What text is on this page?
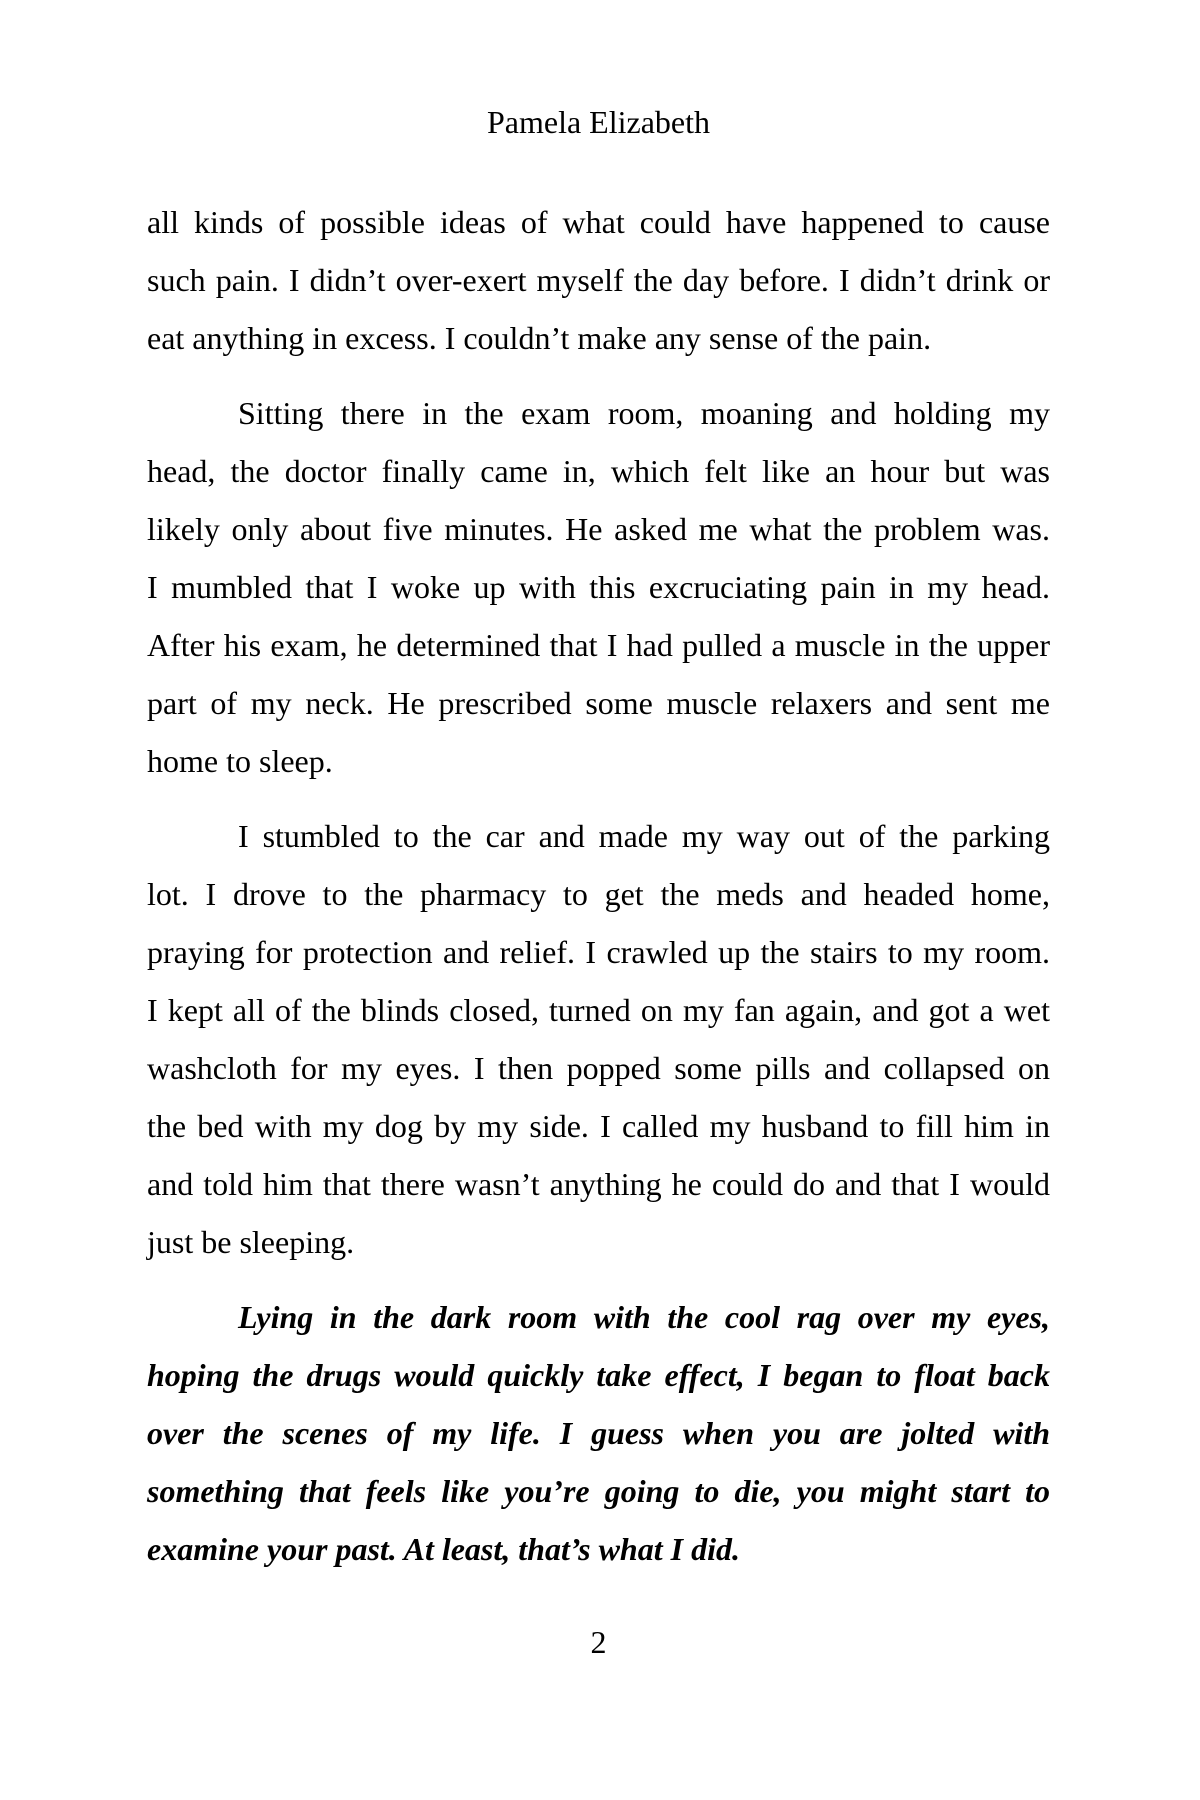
Pamela Elizabeth
all kinds of possible ideas of what could have happened to cause
such pain. I didn’t over-exert myself the day before. I didn’t drink or
eat anything in excess. I couldn’t make any sense of the pain.
Sitting there in the exam room, moaning and holding my
head, the doctor finally came in, which felt like an hour but was
likely only about five minutes. He asked me what the problem was.
I mumbled that I woke up with this excruciating pain in my head.
After his exam, he determined that I had pulled a muscle in the upper
part of my neck. He prescribed some muscle relaxers and sent me
home to sleep.
I stumbled to the car and made my way out of the parking
lot. I drove to the pharmacy to get the meds and headed home,
praying for protection and relief. I crawled up the stairs to my room.
I kept all of the blinds closed, turned on my fan again, and got a wet
washcloth for my eyes. I then popped some pills and collapsed on
the bed with my dog by my side. I called my husband to fill him in
and told him that there wasn’t anything he could do and that I would
just be sleeping.
Lying in the dark room with the cool rag over my eyes,
hoping the drugs would quickly take effect, I began to float back
over the scenes of my life. I guess when you are jolted with
something that feels like you’re going to die, you might start to
examine your past. At least, that’s what I did.
2
